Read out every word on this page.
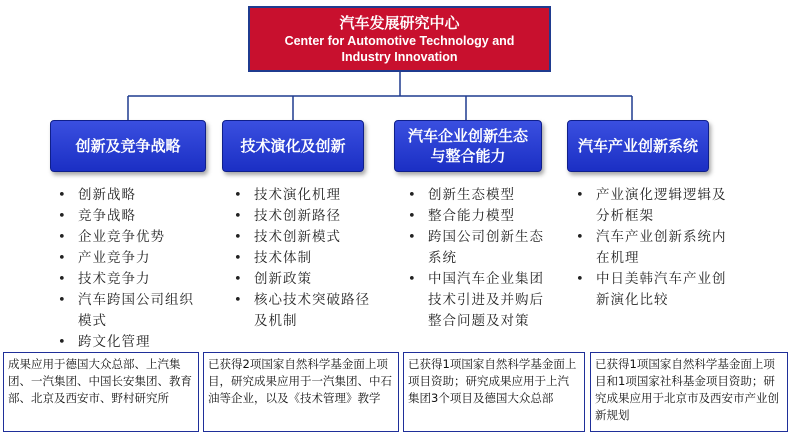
汽车发展研究中心
Center for Automotive Technology and
Industry Innovation
创新及竞争战略
• 创新战略
• 竞争战略
• 企业竞争优势
• 产业竞争力
• 技术竞争力
• 汽车跨国公司组织模式
• 跨文化管理
成果应用于德国大众总部、上汽集团、一汽集团、中国长安集团、教育部、北京及西安市、野村研究所
技术演化及创新
• 技术演化机理
• 技术创新路径
• 技术创新模式
• 技术体制
• 创新政策
• 核心技术突破路径及机制
已获得2项国家自然科学基金面上项目，研究成果应用于一汽集团、中石油等企业，以及《技术管理》教学
汽车企业创新生态与整合能力
• 创新生态模型
• 整合能力模型
• 跨国公司创新生态系统
• 中国汽车企业集团技术引进及并购后整合问题及对策
已获得1项国家自然科学基金面上项目资助；研究成果应用于上汽集团3个项目及德国大众总部
汽车产业创新系统
• 产业演化逻辑逻辑及分析框架
• 汽车产业创新系统内在机理
• 中日美韩汽车产业创新演化比较
已获得1项国家自然科学基金面上项目和1项国家社科基金项目资助；研究成果应用于北京市及西安市产业创新规划
